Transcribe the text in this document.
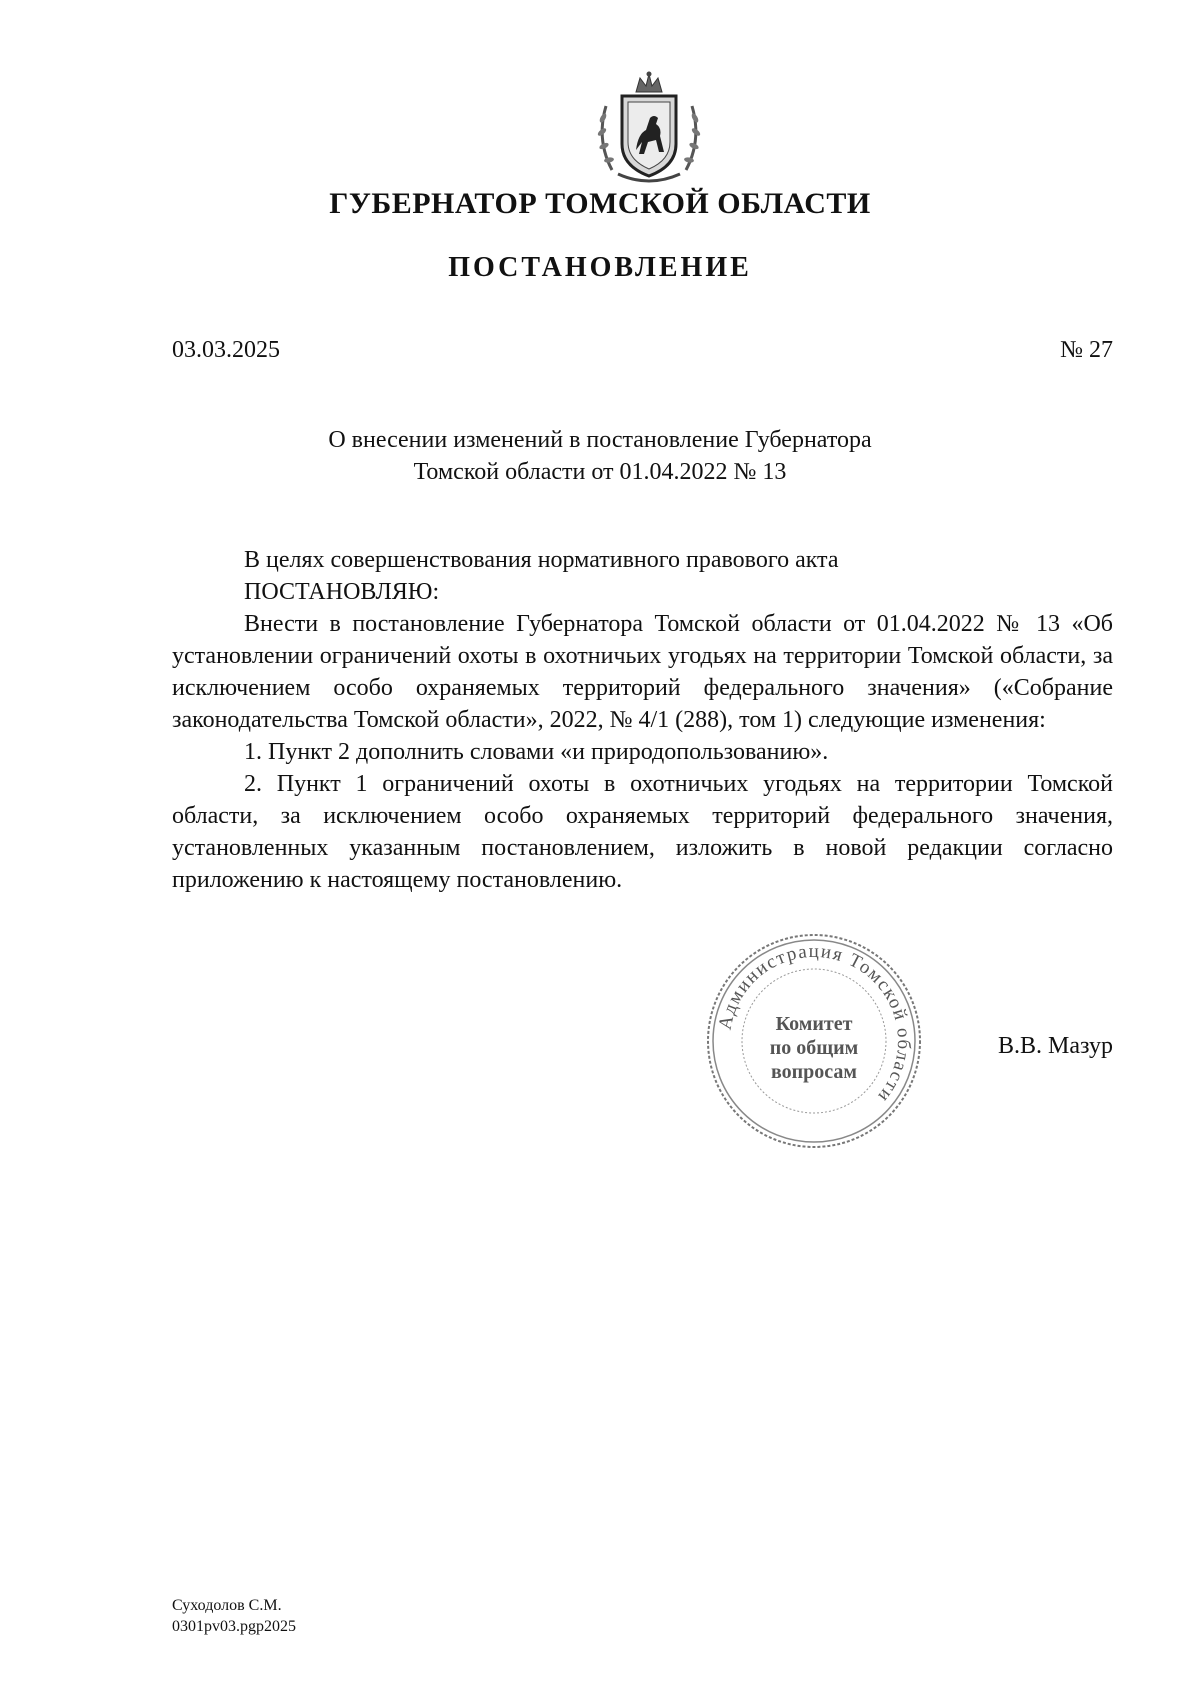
ГУБЕРНАТОР ТОМСКОЙ ОБЛАСТИ
ПОСТАНОВЛЕНИЕ
03.03.2025	№ 27
О внесении изменений в постановление Губернатора
Томской области от 01.04.2022 № 13

В целях совершенствования нормативного правового акта

ПОСТАНОВЛЯЮ:

Внести в постановление Губернатора Томской области от 01.04.2022 № 13 «Об установлении ограничений охоты в охотничьих угодьях на территории Томской области, за исключением особо охраняемых территорий федерального значения» («Собрание законодательства Томской области», 2022, № 4/1 (288), том 1) следующие изменения:

1. Пункт 2 дополнить словами «и природопользованию».

2. Пункт 1 ограничений охоты в охотничьих угодьях на территории Томской области, за исключением особо охраняемых территорий федерального значения, установленных указанным постановлением, изложить в новой редакции согласно приложению к настоящему постановлению.

Администрация Томской области
Комитет
по общим
вопросам
В.В. Мазур
Суходолов С.М.
0301pv03.pgp2025
